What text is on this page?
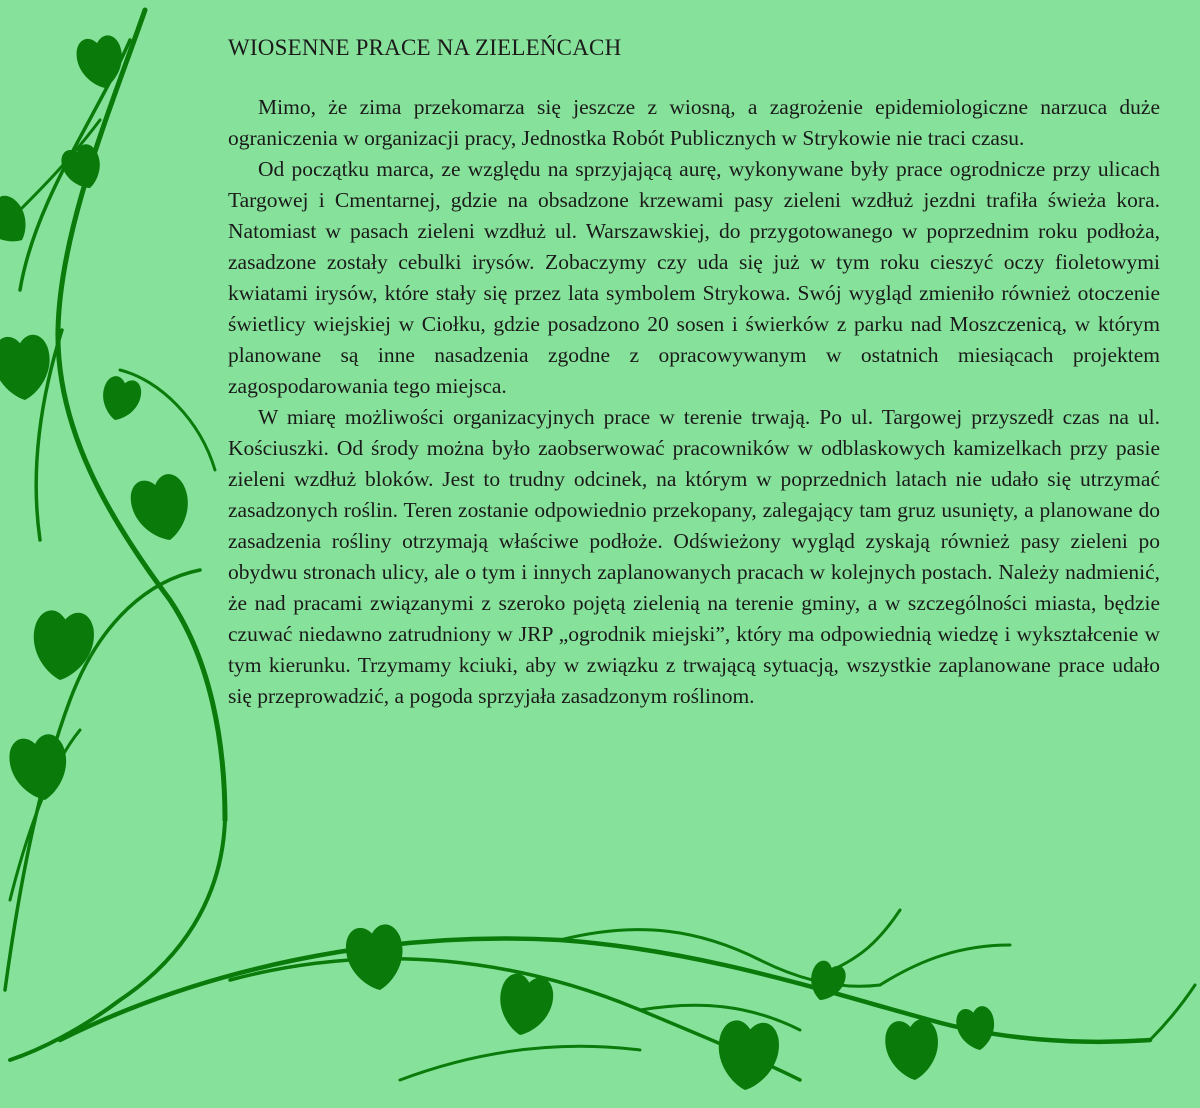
WIOSENNE PRACE NA ZIELEŃCACH

Mimo, że zima przekomarza się jeszcze z wiosną, a zagrożenie epidemiologiczne narzuca duże ograniczenia w organizacji pracy, Jednostka Robót Publicznych w Strykowie nie traci czasu.

Od początku marca, ze względu na sprzyjającą aurę, wykonywane były prace ogrodnicze przy ulicach Targowej i Cmentarnej, gdzie na obsadzone krzewami pasy zieleni wzdłuż jezdni trafiła świeża kora. Natomiast w pasach zieleni wzdłuż ul. Warszawskiej, do przygotowanego w poprzednim roku podłoża, zasadzone zostały cebulki irysów. Zobaczymy czy uda się już w tym roku cieszyć oczy fioletowymi kwiatami irysów, które stały się przez lata symbolem Strykowa. Swój wygląd zmieniło również otoczenie świetlicy wiejskiej w Ciołku, gdzie posadzono 20 sosen i świerków z parku nad Moszczenicą, w którym planowane są inne nasadzenia zgodne z opracowywanym w ostatnich miesiącach projektem zagospodarowania tego miejsca.

W miarę możliwości organizacyjnych prace w terenie trwają. Po ul. Targowej przyszedł czas na ul. Kościuszki. Od środy można było zaobserwować pracowników w odblaskowych kamizelkach przy pasie zieleni wzdłuż bloków. Jest to trudny odcinek, na którym w poprzednich latach nie udało się utrzymać zasadzonych roślin. Teren zostanie odpowiednio przekopany, zalegający tam gruz usunięty, a planowane do zasadzenia rośliny otrzymają właściwe podłoże. Odświeżony wygląd zyskają również pasy zieleni po obydwu stronach ulicy, ale o tym i innych zaplanowanych pracach w kolejnych postach. Należy nadmienić, że nad pracami związanymi z szeroko pojętą zielenią na terenie gminy, a w szczególności miasta, będzie czuwać niedawno zatrudniony w JRP „ogrodnik miejski”, który ma odpowiednią wiedzę i wykształcenie w tym kierunku. Trzymamy kciuki, aby w związku z trwającą sytuacją, wszystkie zaplanowane prace udało się przeprowadzić, a pogoda sprzyjała zasadzonym roślinom.
